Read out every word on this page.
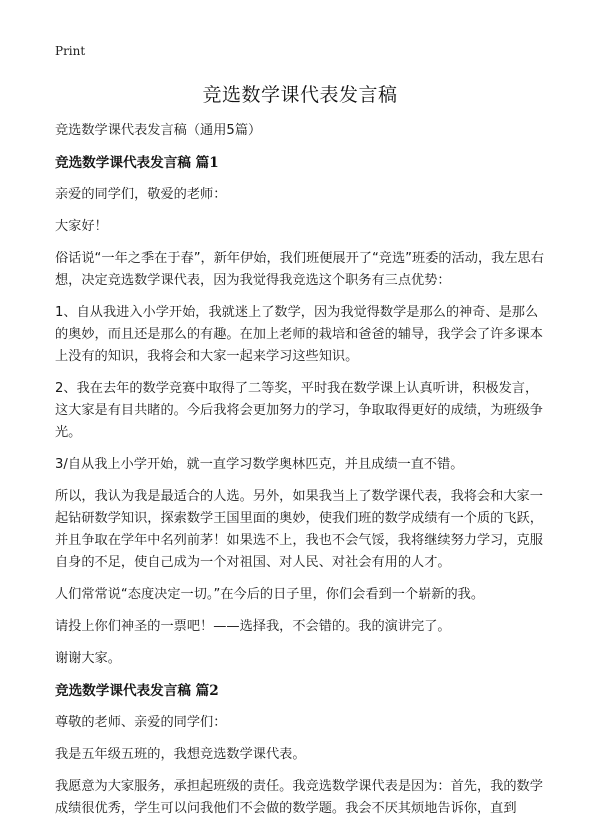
Print
竞选数学课代表发言稿

竞选数学课代表发言稿（通用5篇）

竞选数学课代表发言稿 篇1

亲爱的同学们，敬爱的老师：

大家好！

俗话说“一年之季在于春”，新年伊始，我们班便展开了“竞选”班委的活动，我左思右想，决定竞选数学课代表，因为我觉得我竞选这个职务有三点优势：

1、自从我进入小学开始，我就迷上了数学，因为我觉得数学是那么的神奇、是那么的奥妙，而且还是那么的有趣。在加上老师的栽培和爸爸的辅导，我学会了许多课本上没有的知识，我将会和大家一起来学习这些知识。

2、我在去年的数学竞赛中取得了二等奖，平时我在数学课上认真听讲，积极发言，这大家是有目共睹的。今后我将会更加努力的学习，争取取得更好的成绩，为班级争光。

3/自从我上小学开始，就一直学习数学奥林匹克，并且成绩一直不错。

所以，我认为我是最适合的人选。另外，如果我当上了数学课代表，我将会和大家一起钻研数学知识，探索数学王国里面的奥妙，使我们班的数学成绩有一个质的飞跃，并且争取在学年中名列前茅！如果选不上，我也不会气馁，我将继续努力学习，克服自身的不足，使自己成为一个对祖国、对人民、对社会有用的人才。

人们常常说“态度决定一切。”在今后的日子里，你们会看到一个崭新的我。

请投上你们神圣的一票吧！——选择我，不会错的。我的演讲完了。

谢谢大家。

竞选数学课代表发言稿 篇2

尊敬的老师、亲爱的同学们：

我是五年级五班的，我想竞选数学课代表。

我愿意为大家服务，承担起班级的责任。我竞选数学课代表是因为：首先，我的数学成绩很优秀，学生可以问我他们不会做的数学题。我会不厌其烦地告诉你，直到
